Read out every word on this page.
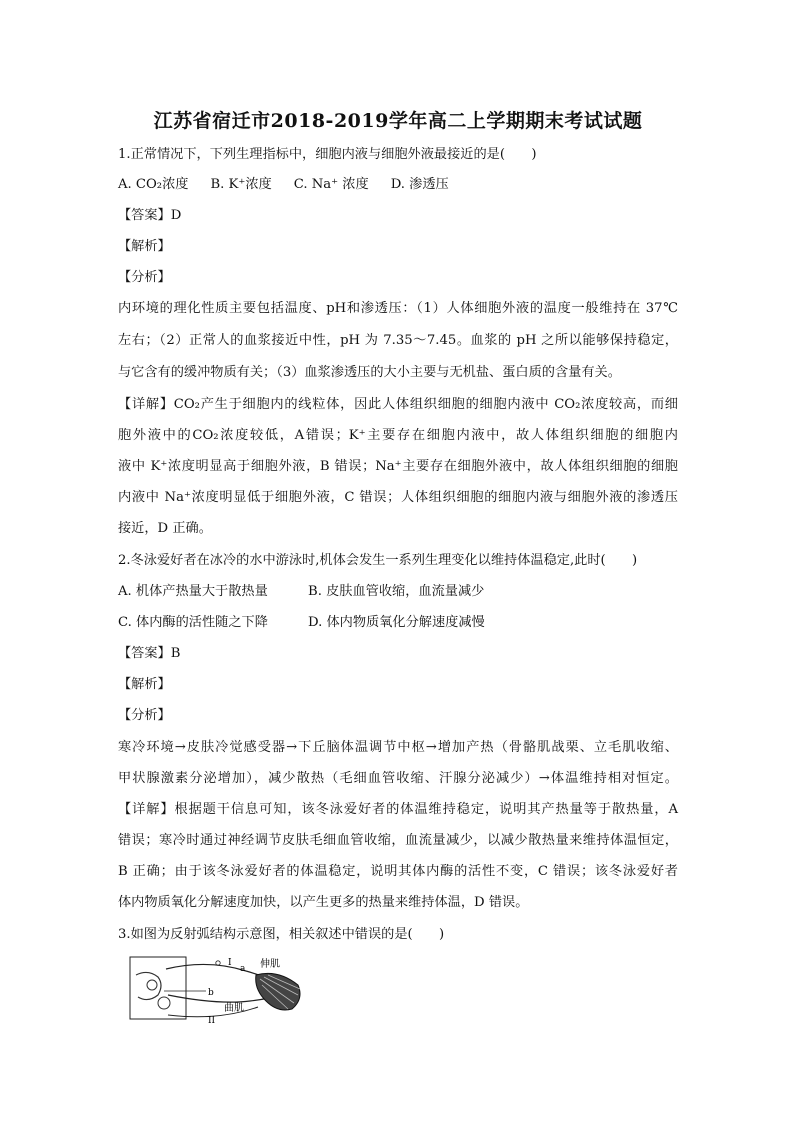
江苏省宿迁市2018-2019学年高二上学期期末考试试题
1.正常情况下，下列生理指标中，细胞内液与细胞外液最接近的是(　　)
A. CO₂浓度 B. K⁺浓度 C. Na⁺ 浓度 D. 渗透压
【答案】D
【解析】
【分析】
内环境的理化性质主要包括温度、pH和渗透压：（1）人体细胞外液的温度一般维持在 37℃
左右；（2）正常人的血浆接近中性，pH 为 7.35～7.45。血浆的 pH 之所以能够保持稳定，
与它含有的缓冲物质有关；（3）血浆渗透压的大小主要与无机盐、蛋白质的含量有关。
【详解】CO₂产生于细胞内的线粒体，因此人体组织细胞的细胞内液中 CO₂浓度较高，而细
胞外液中的CO₂浓度较低，A错误；K⁺主要存在细胞内液中，故人体组织细胞的细胞内
液中 K⁺浓度明显高于细胞外液，B 错误；Na⁺主要存在细胞外液中，故人体组织细胞的细胞
内液中 Na⁺浓度明显低于细胞外液，C 错误；人体组织细胞的细胞内液与细胞外液的渗透压
接近，D 正确。
2.冬泳爱好者在冰冷的水中游泳时,机体会发生一系列生理变化以维持体温稳定,此时(　　)
A. 机体产热量大于散热量	B. 皮肤血管收缩，血流量减少
C. 体内酶的活性随之下降	D. 体内物质氧化分解速度减慢
【答案】B
【解析】
【分析】
寒冷环境→皮肤冷觉感受器→下丘脑体温调节中枢→增加产热（骨骼肌战栗、立毛肌收缩、
甲状腺激素分泌增加），减少散热（毛细血管收缩、汗腺分泌减少）→体温维持相对恒定。
【详解】根据题干信息可知，该冬泳爱好者的体温维持稳定，说明其产热量等于散热量，A
错误；寒冷时通过神经调节皮肤毛细血管收缩，血流量减少，以减少散热量来维持体温恒定，
B 正确；由于该冬泳爱好者的体温稳定，说明其体内酶的活性不变，C 错误；该冬泳爱好者
体内物质氧化分解速度加快，以产生更多的热量来维持体温，D 错误。
3.如图为反射弧结构示意图，相关叙述中错误的是(　　)
I
a
b
II
伸肌
曲肌
